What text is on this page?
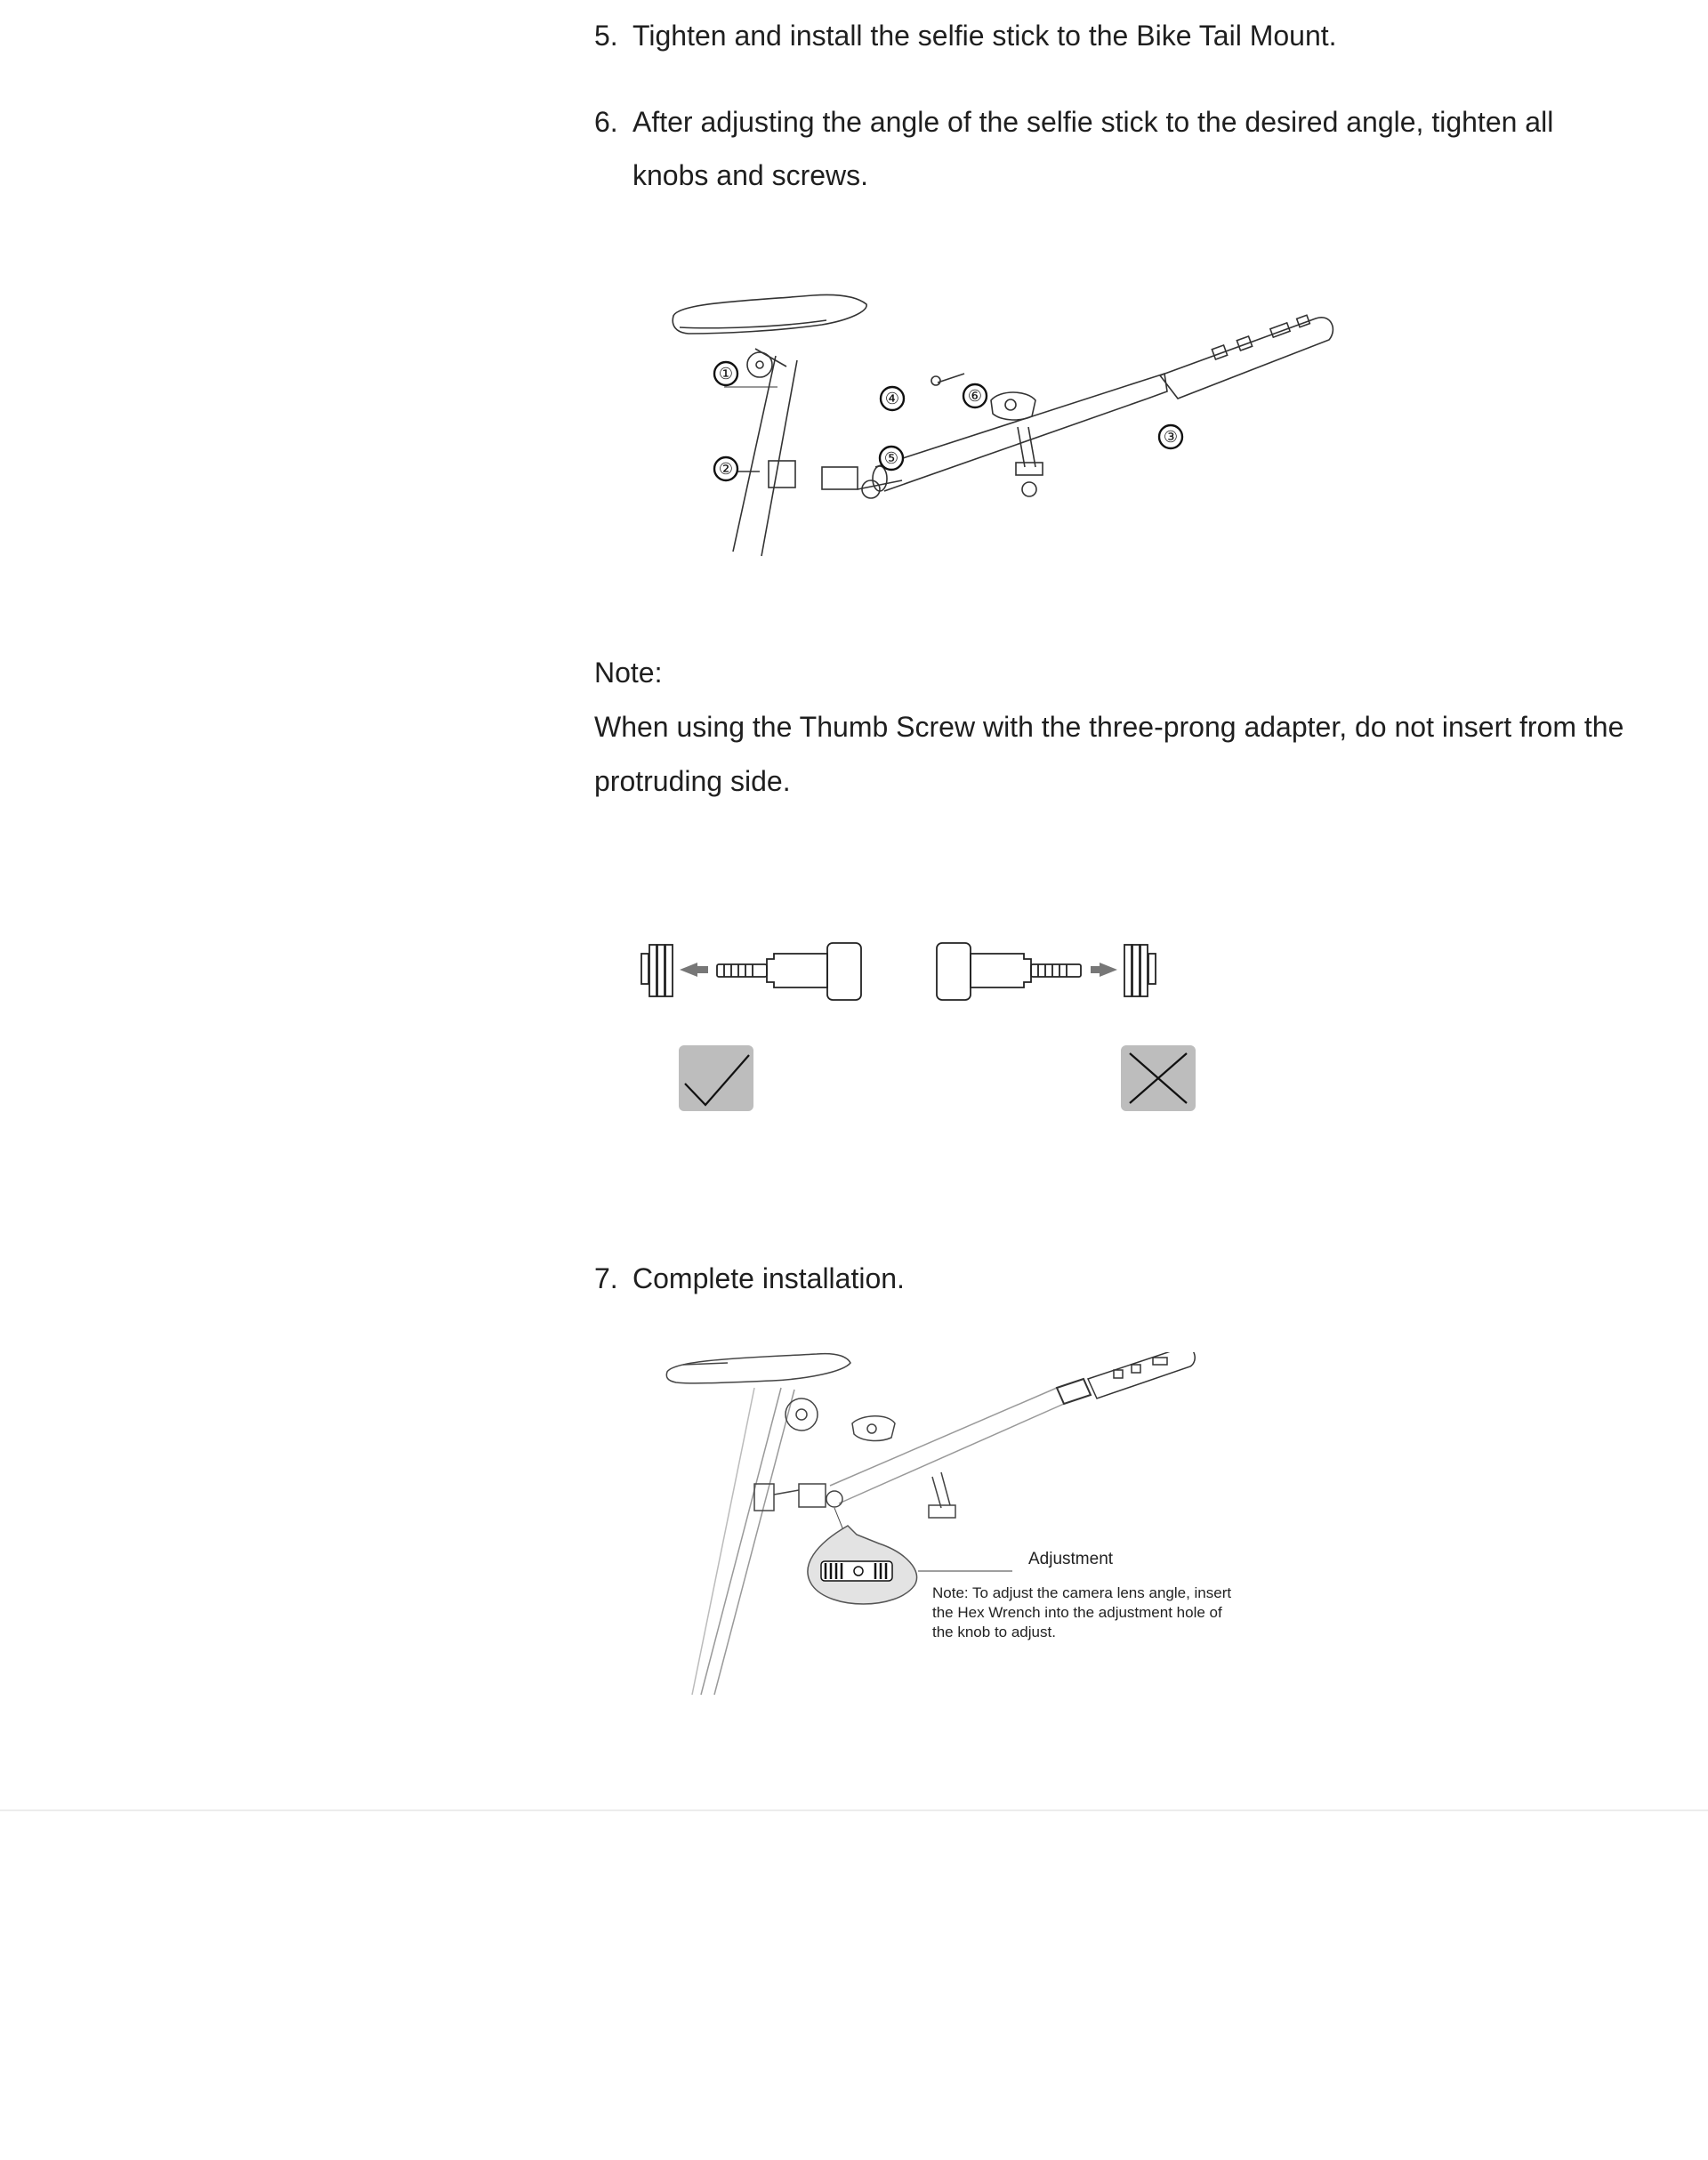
5. Tighten and install the selfie stick to the Bike Tail Mount.
6. After adjusting the angle of the selfie stick to the desired angle, tighten all knobs and screws.
①
②
③
④
⑤
⑥
Note:
When using the Thumb Screw with the three-prong adapter, do not insert from the protruding side.
7. Complete installation.
Adjustment
Note: To adjust the camera lens angle, insert
the Hex Wrench into the adjustment hole of
the knob to adjust.
